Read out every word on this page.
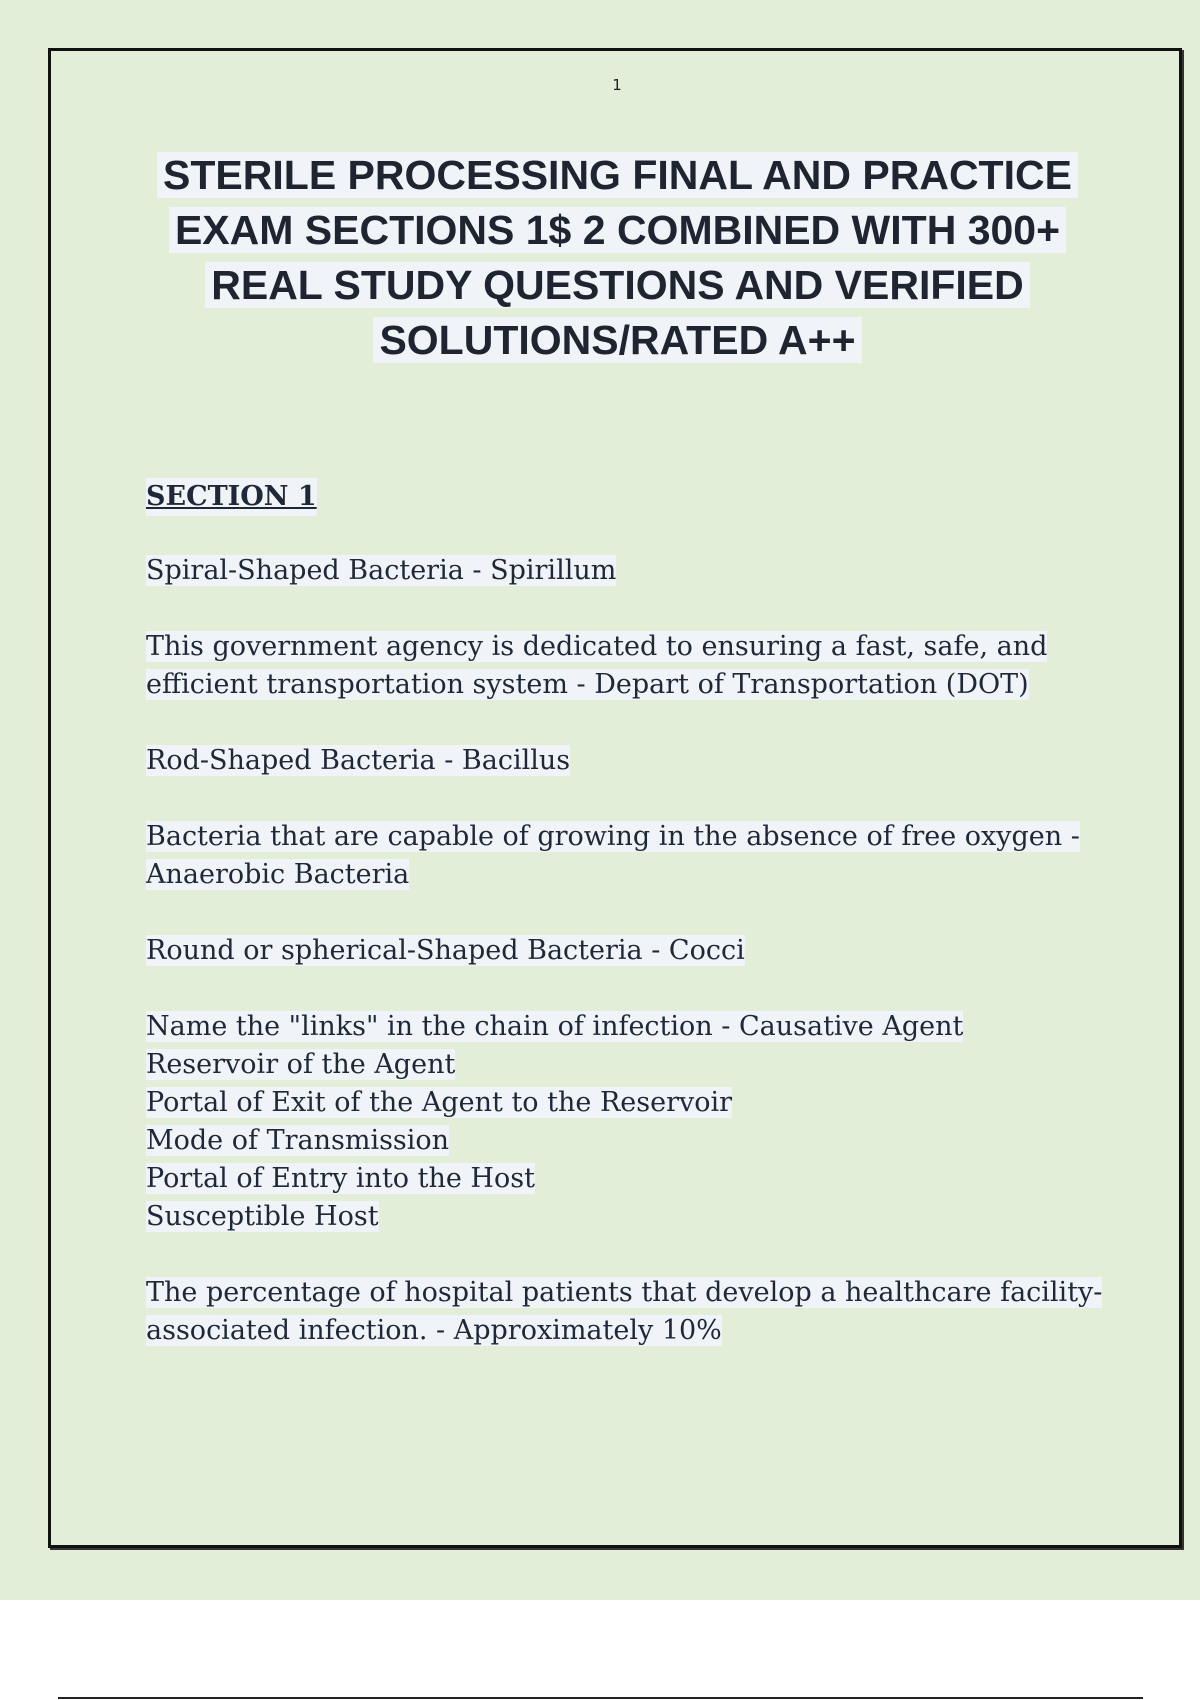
1
STERILE PROCESSING FINAL AND PRACTICE
EXAM SECTIONS 1$ 2 COMBINED WITH 300+
REAL STUDY QUESTIONS AND VERIFIED
SOLUTIONS/RATED A++
SECTION 1

Spiral-Shaped Bacteria - Spirillum

This government agency is dedicated to ensuring a fast, safe, and efficient transportation system - Depart of Transportation (DOT)

Rod-Shaped Bacteria - Bacillus

Bacteria that are capable of growing in the absence of free oxygen - Anaerobic Bacteria

Round or spherical-Shaped Bacteria - Cocci

Name the "links" in the chain of infection - Causative Agent
Reservoir of the Agent
Portal of Exit of the Agent to the Reservoir
Mode of Transmission
Portal of Entry into the Host
Susceptible Host

The percentage of hospital patients that develop a healthcare facility-associated infection. - Approximately 10%
